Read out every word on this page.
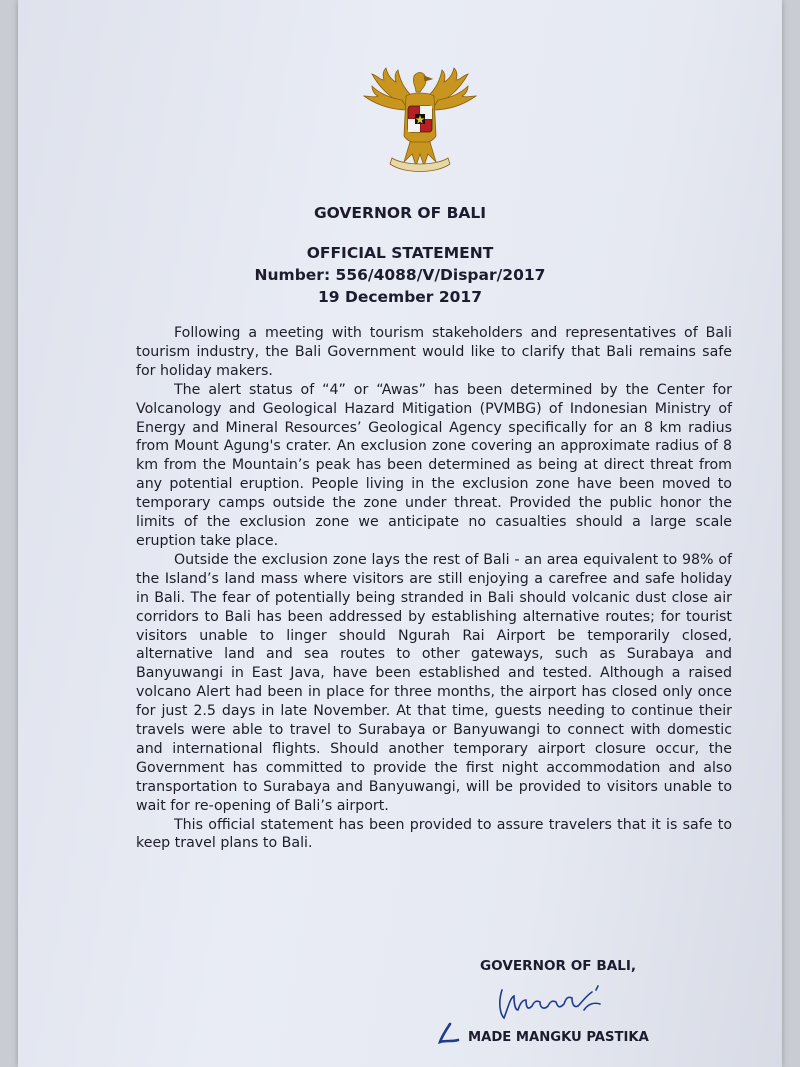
GOVERNOR OF BALI
OFFICIAL STATEMENT
Number: 556/4088/V/Dispar/2017
19 December 2017

Following a meeting with tourism stakeholders and representatives of Bali tourism industry, the Bali Government would like to clarify that Bali remains safe for holiday makers.

The alert status of “4” or “Awas” has been determined by the Center for Volcanology and Geological Hazard Mitigation (PVMBG) of Indonesian Ministry of Energy and Mineral Resources’ Geological Agency specifically for an 8 km radius from Mount Agung's crater. An exclusion zone covering an approximate radius of 8 km from the Mountain’s peak has been determined as being at direct threat from any potential eruption. People living in the exclusion zone have been moved to temporary camps outside the zone under threat. Provided the public honor the limits of the exclusion zone we anticipate no casualties should a large scale eruption take place.

Outside the exclusion zone lays the rest of Bali - an area equivalent to 98% of the Island’s land mass where visitors are still enjoying a carefree and safe holiday in Bali. The fear of potentially being stranded in Bali should volcanic dust close air corridors to Bali has been addressed by establishing alternative routes; for tourist visitors unable to linger should Ngurah Rai Airport be temporarily closed, alternative land and sea routes to other gateways, such as Surabaya and Banyuwangi in East Java, have been established and tested. Although a raised volcano Alert had been in place for three months, the airport has closed only once for just 2.5 days in late November. At that time, guests needing to continue their travels were able to travel to Surabaya or Banyuwangi to connect with domestic and international flights. Should another temporary airport closure occur, the Government has committed to provide the first night accommodation and also transportation to Surabaya and Banyuwangi, will be provided to visitors unable to wait for re-opening of Bali’s airport.

This official statement has been provided to assure travelers that it is safe to keep travel plans to Bali.

GOVERNOR OF BALI,
MADE MANGKU PASTIKA
